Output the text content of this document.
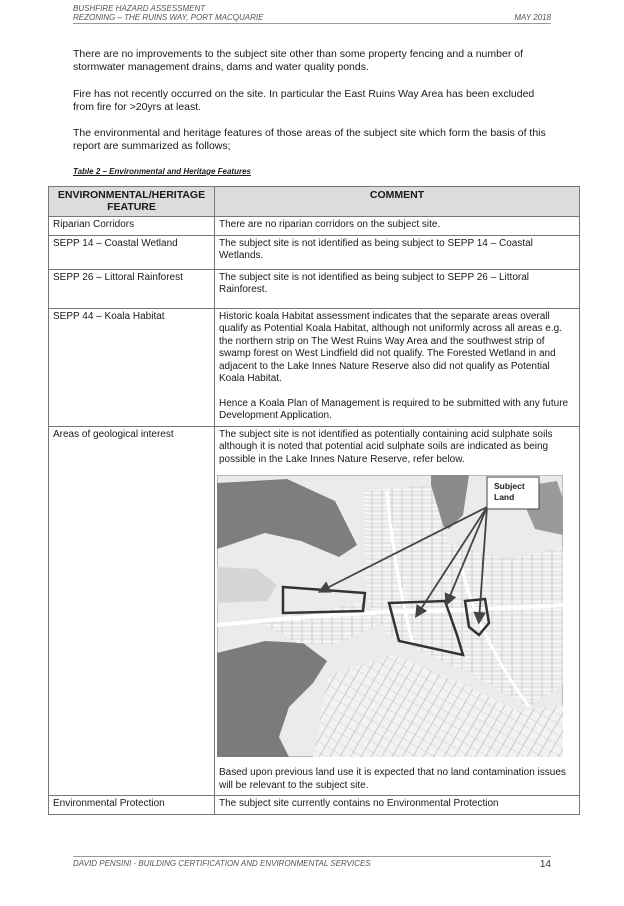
BUSHFIRE HAZARD ASSESSMENT
REZONING – THE RUINS WAY, PORT MACQUARIE	MAY 2018

There are no improvements to the subject site other than some property fencing and a number of stormwater management drains, dams and water quality ponds.

Fire has not recently occurred on the site. In particular the East Ruins Way Area has been excluded from fire for >20yrs at least.

The environmental and heritage features of those areas of the subject site which form the basis of this report are summarized as follows;

Table 2 – Environmental and Heritage Features
ENVIRONMENTAL/HERITAGE FEATURE	COMMENT
Riparian Corridors	There are no riparian corridors on the subject site.
SEPP 14 – Coastal Wetland	The subject site is not identified as being subject to SEPP 14 – Coastal Wetlands.
SEPP 26 – Littoral Rainforest	The subject site is not identified as being subject to SEPP 26 – Littoral Rainforest.
SEPP 44 – Koala Habitat	Historic koala Habitat assessment indicates that the separate areas overall qualify as Potential Koala Habitat, although not uniformly across all areas e.g. the northern strip on The West Ruins Way Area and the southwest strip of swamp forest on West Lindfield did not qualify. The Forested Wetland in and adjacent to the Lake Innes Nature Reserve also did not qualify as Potential Koala Habitat.
Hence a Koala Plan of Management is required to be submitted with any future Development Application.

Areas of geological interest	The subject site is not identified as potentially containing acid sulphate soils although it is noted that potential acid sulphate soils are indicated as being possible in the Lake Innes Nature Reserve, refer below.
Subject Land
Based upon previous land use it is expected that no land contamination issues will be relevant to the subject site.

Environmental Protection	The subject site currently contains no Environmental Protection
DAVID PENSINI - BUILDING CERTIFICATION AND ENVIRONMENTAL SERVICES	14
